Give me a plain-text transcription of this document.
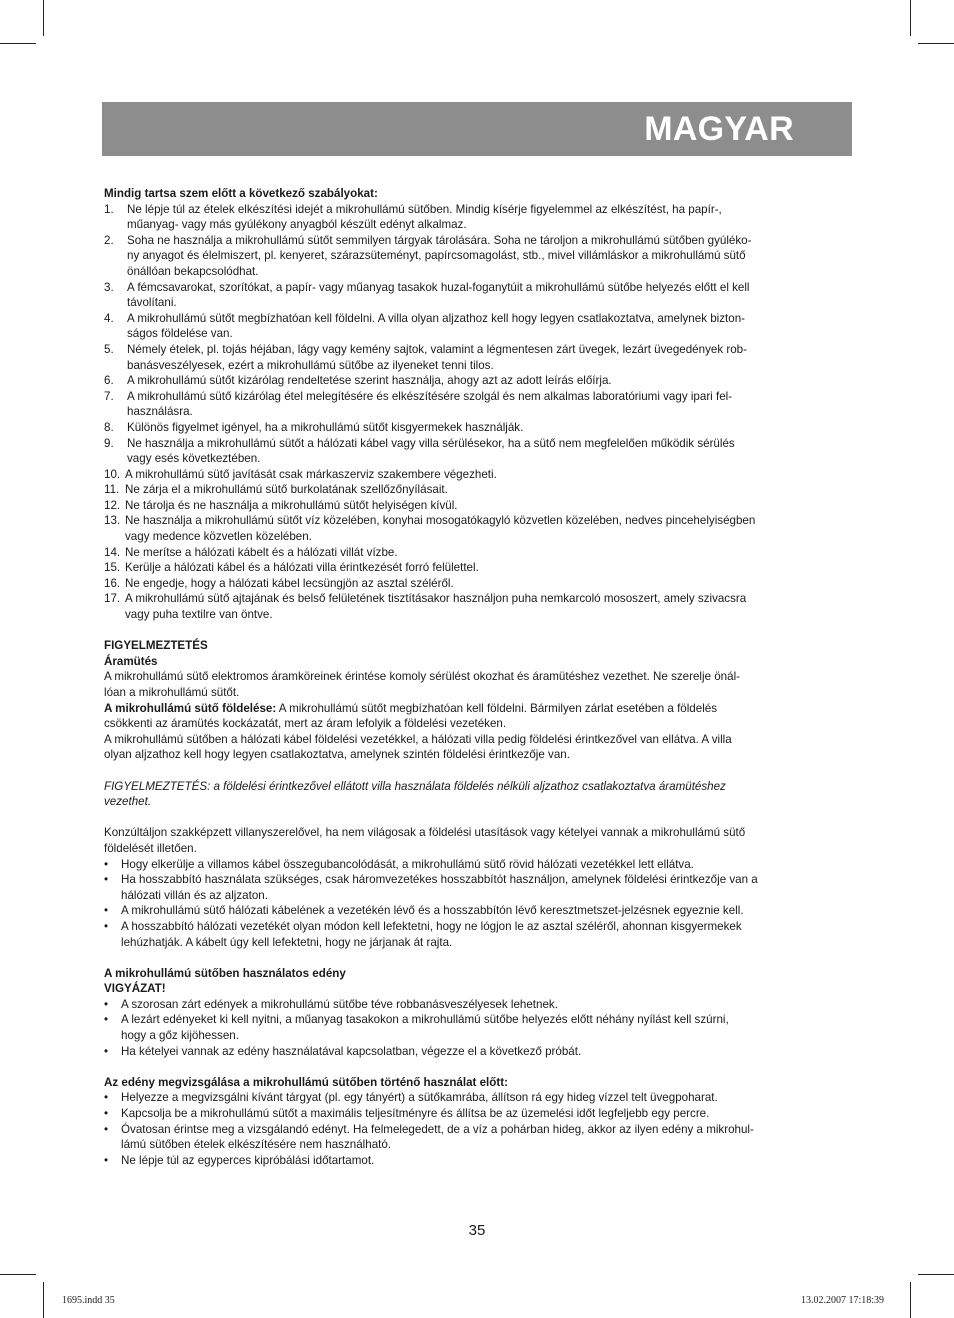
MAGYAR
Mindig tartsa szem előtt a következő szabályokat:
1.	Ne lépje túl az ételek elkészítési idejét a mikrohullámú sütőben. Mindig kísérje figyelemmel az elkészítést, ha papír-,
műanyag- vagy más gyúlékony anyagból készült edényt alkalmaz.
2.	Soha ne használja a mikrohullámú sütőt semmilyen tárgyak tárolására. Soha ne tároljon a mikrohullámú sütőben gyúléko-
ny anyagot és élelmiszert, pl. kenyeret, szárazsüteményt, papírcsomagolást, stb., mivel villámláskor a mikrohullámú sütő
önállóan bekapcsolódhat.
3.	A fémcsavarokat, szorítókat, a papír- vagy műanyag tasakok huzal-foganytúit a mikrohullámú sütőbe helyezés előtt el kell
távolítani.
4.	A mikrohullámú sütőt megbízhatóan kell földelni. A villa olyan aljzathoz kell hogy legyen csatlakoztatva, amelynek bizton-
ságos földelése van.
5.	Némely ételek, pl. tojás héjában, lágy vagy kemény sajtok, valamint a légmentesen zárt üvegek, lezárt üvegedények rob-
banásveszélyesek, ezért a mikrohullámú sütőbe az ilyeneket tenni tilos.
6.	A mikrohullámú sütőt kizárólag rendeltetése szerint használja, ahogy azt az adott leírás előírja.
7.	A mikrohullámú sütő kizárólag étel melegítésére és elkészítésére szolgál és nem alkalmas laboratóriumi vagy ipari fel-
használásra.
8.	Különös figyelmet igényel, ha a mikrohullámú sütőt kisgyermekek használják.
9.	Ne használja a mikrohullámú sütőt a hálózati kábel vagy villa sérülésekor, ha a sütő nem megfelelően működik sérülés
vagy esés következtében.
10. A mikrohullámú sütő javítását csak márkaszerviz szakembere végezheti.
11. Ne zárja el a mikrohullámú sütő burkolatának szellőzőnyílásait.
12. Ne tárolja és ne használja a mikrohullámú sütőt helyiségen kívül.
13. Ne használja a mikrohullámú sütőt víz közelében, konyhai mosogatókagyló közvetlen közelében, nedves pincehelyiségben
vagy medence közvetlen közelében.
14. Ne merítse a hálózati kábelt és a hálózati villát vízbe.
15. Kerülje a hálózati kábel és a hálózati villa érintkezését forró felülettel.
16. Ne engedje, hogy a hálózati kábel lecsüngjön az asztal széléről.
17. A mikrohullámú sütő ajtajának és belső felületének tisztításakor használjon puha nemkarcoló mososzert, amely szivacsra
vagy puha textilre van öntve.
FIGYELMEZTETÉS
Áramütés
A mikrohullámú sütő elektromos áramköreinek érintése komoly sérülést okozhat és áramütéshez vezethet. Ne szerelje önál-
lóan a mikrohullámú sütőt.
A mikrohullámú sütő földelése: A mikrohullámú sütőt megbízhatóan kell földelni. Bármilyen zárlat esetében a földelés
csökkenti az áramütés kockázatát, mert az áram lefolyik a földelési vezetéken.
A mikrohullámú sütőben a hálózati kábel földelési vezetékkel, a hálózati villa pedig földelési érintkezővel van ellátva. A villa
olyan aljzathoz kell hogy legyen csatlakoztatva, amelynek szintén földelési érintkezője van.
FIGYELMEZTETÉS: a földelési érintkezővel ellátott villa használata földelés nélküli aljzathoz csatlakoztatva áramütéshez
vezethet.
Konzúltáljon szakképzett villanyszerelővel, ha nem világosak a földelési utasítások vagy kételyei vannak a mikrohullámú sütő
földelését illetően.
•	Hogy elkerülje a villamos kábel összegubancolódását, a mikrohullámú sütő rövid hálózati vezetékkel lett ellátva.
•	Ha hosszabbító használata szükséges, csak háromvezetékes hosszabbítót használjon, amelynek földelési érintkezője van a
hálózati villán és az aljzaton.
•	A mikrohullámú sütő hálózati kábelének a vezetékén lévő és a hosszabbítón lévő keresztmetszet-jelzésnek egyeznie kell.
•	A hosszabbító hálózati vezetékét olyan módon kell lefektetni, hogy ne lógjon le az asztal széléről, ahonnan kisgyermekek
lehúzhatják. A kábelt úgy kell lefektetni, hogy ne járjanak át rajta.
A mikrohullámú sütőben használatos edény
VIGYÁZAT!
•	A szorosan zárt edények a mikrohullámú sütőbe téve robbanásveszélyesek lehetnek.
•	A lezárt edényeket ki kell nyitni, a műanyag tasakokon a mikrohullámú sütőbe helyezés előtt néhány nyílást kell szúrni,
hogy a gőz kijöhessen.
•	Ha kételyei vannak az edény használatával kapcsolatban, végezze el a következő próbát.
Az edény megvizsgálása a mikrohullámú sütőben történő használat előtt:
•	Helyezze a megvizsgálni kívánt tárgyat (pl. egy tányért) a sütőkamrába, állítson rá egy hideg vízzel telt üvegpoharat.
•	Kapcsolja be a mikrohullámú sütőt a maximális teljesítményre és állítsa be az üzemelési időt legfeljebb egy percre.
•	Óvatosan érintse meg a vizsgálandó edényt. Ha felmelegedett, de a víz a pohárban hideg, akkor az ilyen edény a mikrohul-
lámú sütőben ételek elkészítésére nem használható.
•	Ne lépje túl az egyperces kipróbálási időtartamot.
35
1695.indd 35	13.02.2007 17:18:39
